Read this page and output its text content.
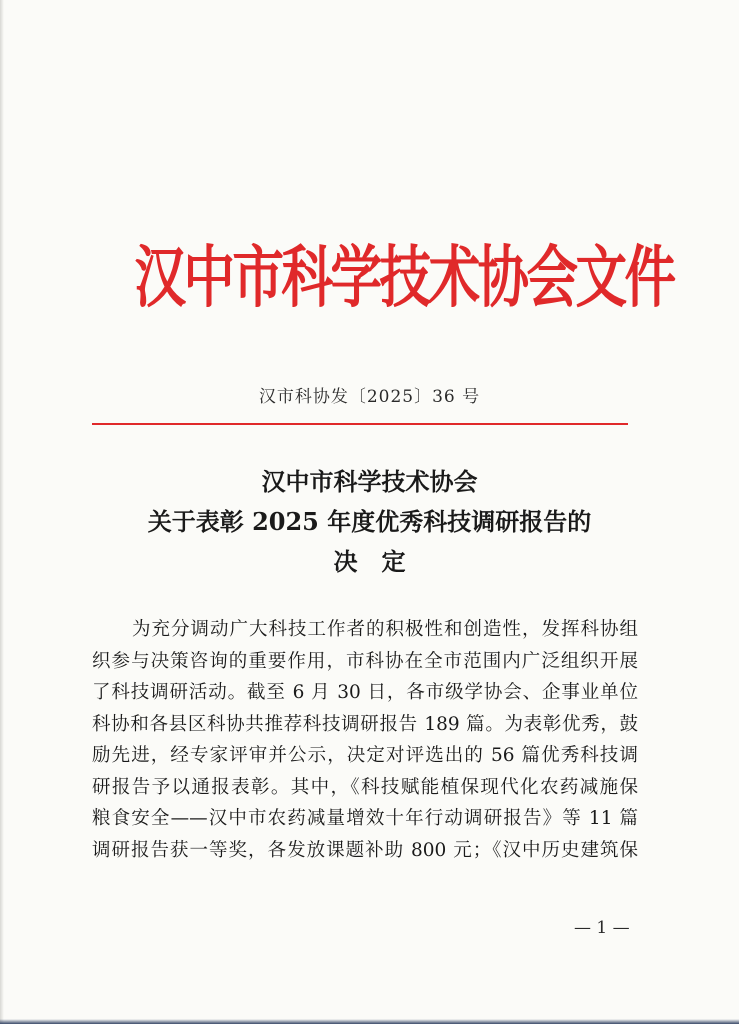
汉中市科学技术协会文件
汉市科协发〔2025〕36 号
汉中市科学技术协会
关于表彰 2025 年度优秀科技调研报告的
决定
为充分调动广大科技工作者的积极性和创造性，发挥科协组
织参与决策咨询的重要作用，市科协在全市范围内广泛组织开展
了科技调研活动。截至 6 月 30 日，各市级学协会、企事业单位
科协和各县区科协共推荐科技调研报告 189 篇。为表彰优秀，鼓
励先进，经专家评审并公示，决定对评选出的 56 篇优秀科技调
研报告予以通报表彰。其中，《科技赋能植保现代化农药减施保
粮食安全——汉中市农药减量增效十年行动调研报告》等 11 篇
调研报告获一等奖，各发放课题补助 800 元；《汉中历史建筑保
— 1 —
